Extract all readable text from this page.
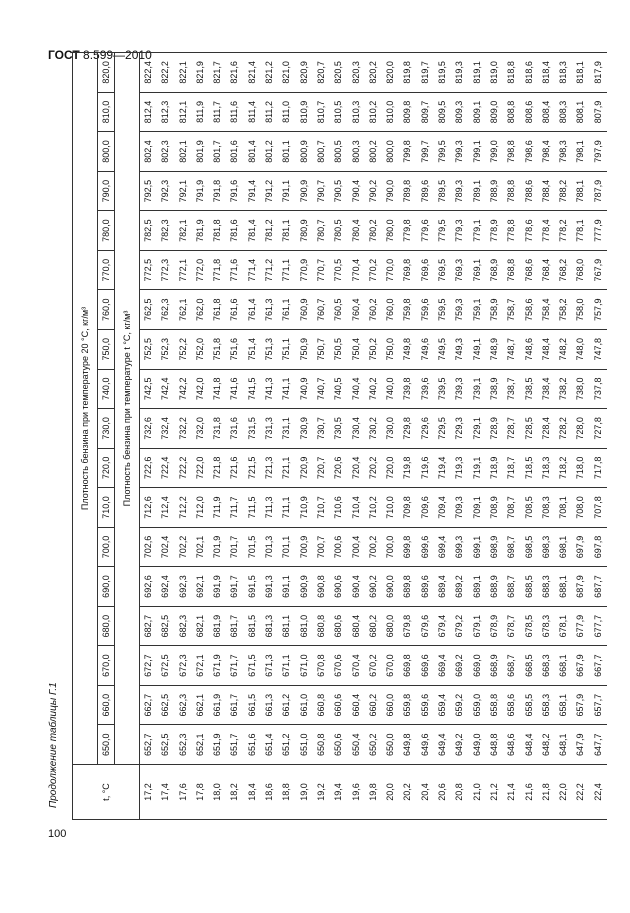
ГОСТ 8.599—2010
Продолжение таблицы Г.1
100
t, °C	Плотность бензина при температуре 20 °C, кг/м³																	
	650,0	660,0	670,0	680,0	690,0	700,0	710,0	720,0	730,0	740,0	750,0	760,0	770,0	780,0	790,0	800,0	810,0	820,0
	Плотность бензина при температуре t °C, кг/м³																	
17,2	652,7	662,7	672,7	682,7	692,6	702,6	712,6	722,6	732,6	742,5	752,5	762,5	772,5	782,5	792,5	802,4	812,4	822,4
17,4	652,5	662,5	672,5	682,5	692,4	702,4	712,4	722,4	732,4	742,4	752,3	762,3	772,3	782,3	792,3	802,3	812,3	822,2
17,6	652,3	662,3	672,3	682,3	692,3	702,2	712,2	722,2	732,2	742,2	752,2	762,1	772,1	782,1	792,1	802,1	812,1	822,1
17,8	652,1	662,1	672,1	682,1	692,1	702,1	712,0	722,0	732,0	742,0	752,0	762,0	772,0	781,9	791,9	801,9	811,9	821,9
18,0	651,9	661,9	671,9	681,9	691,9	701,9	711,9	721,8	731,8	741,8	751,8	761,8	771,8	781,8	791,8	801,7	811,7	821,7
18,2	651,7	661,7	671,7	681,7	691,7	701,7	711,7	721,6	731,6	741,6	751,6	761,6	771,6	781,6	791,6	801,6	811,6	821,6
18,4	651,6	661,5	671,5	681,5	691,5	701,5	711,5	721,5	731,5	741,5	751,4	761,4	771,4	781,4	791,4	801,4	811,4	821,4
18,6	651,4	661,3	671,3	681,3	691,3	701,3	711,3	721,3	731,3	741,3	751,3	761,3	771,2	781,2	791,2	801,2	811,2	821,2
18,8	651,2	661,2	671,1	681,1	691,1	701,1	711,1	721,1	731,1	741,1	751,1	761,1	771,1	781,1	791,1	801,1	811,0	821,0
19,0	651,0	661,0	671,0	681,0	690,9	700,9	710,9	720,9	730,9	740,9	750,9	760,9	770,9	780,9	790,9	800,9	810,9	820,9
19,2	650,8	660,8	670,8	680,8	690,8	700,7	710,7	720,7	730,7	740,7	750,7	760,7	770,7	780,7	790,7	800,7	810,7	820,7
19,4	650,6	660,6	670,6	680,6	690,6	700,6	710,6	720,6	730,5	740,5	750,5	760,5	770,5	780,5	790,5	800,5	810,5	820,5
19,6	650,4	660,4	670,4	680,4	690,4	700,4	710,4	720,4	730,4	740,4	750,4	760,4	770,4	780,4	790,4	800,3	810,3	820,3
19,8	650,2	660,2	670,2	680,2	690,2	700,2	710,2	720,2	730,2	740,2	750,2	760,2	770,2	780,2	790,2	800,2	810,2	820,2
20,0	650,0	660,0	670,0	680,0	690,0	700,0	710,0	720,0	730,0	740,0	750,0	760,0	770,0	780,0	790,0	800,0	810,0	820,0
20,2	649,8	659,8	669,8	679,8	689,8	699,8	709,8	719,8	729,8	739,8	749,8	759,8	769,8	779,8	789,8	799,8	809,8	819,8
20,4	649,6	659,6	669,6	679,6	689,6	699,6	709,6	719,6	729,6	739,6	749,6	759,6	769,6	779,6	789,6	799,7	809,7	819,7
20,6	649,4	659,4	669,4	679,4	689,4	699,4	709,4	719,4	729,5	739,5	749,5	759,5	769,5	779,5	789,5	799,5	809,5	819,5
20,8	649,2	659,2	669,2	679,2	689,2	699,3	709,3	719,3	729,3	739,3	749,3	759,3	769,3	779,3	789,3	799,3	809,3	819,3
21,0	649,0	659,0	669,0	679,1	689,1	699,1	709,1	719,1	729,1	739,1	749,1	759,1	769,1	779,1	789,1	799,1	809,1	819,1
21,2	648,8	658,8	668,9	678,9	688,9	698,9	708,9	718,9	728,9	738,9	748,9	758,9	768,9	778,9	788,9	799,0	809,0	819,0
21,4	648,6	658,6	668,7	678,7	688,7	698,7	708,7	718,7	728,7	738,7	748,7	758,7	768,8	778,8	788,8	798,8	808,8	818,8
21,6	648,4	658,5	668,5	678,5	688,5	698,5	708,5	718,5	728,5	738,5	748,6	758,6	768,6	778,6	788,6	798,6	808,6	818,6
21,8	648,2	658,3	668,3	678,3	688,3	698,3	708,3	718,3	728,4	738,4	748,4	758,4	768,4	778,4	788,4	798,4	808,4	818,4
22,0	648,1	658,1	668,1	678,1	688,1	698,1	708,1	718,2	728,2	738,2	748,2	758,2	768,2	778,2	788,2	798,3	808,3	818,3
22,2	647,9	657,9	667,9	677,9	687,9	697,9	708,0	718,0	728,0	738,0	748,0	758,0	768,0	778,1	788,1	798,1	808,1	818,1
22,4	647,7	657,7	667,7	677,7	687,7	697,8	707,8	717,8	727,8	737,8	747,8	757,9	767,9	777,9	787,9	797,9	807,9	817,9
